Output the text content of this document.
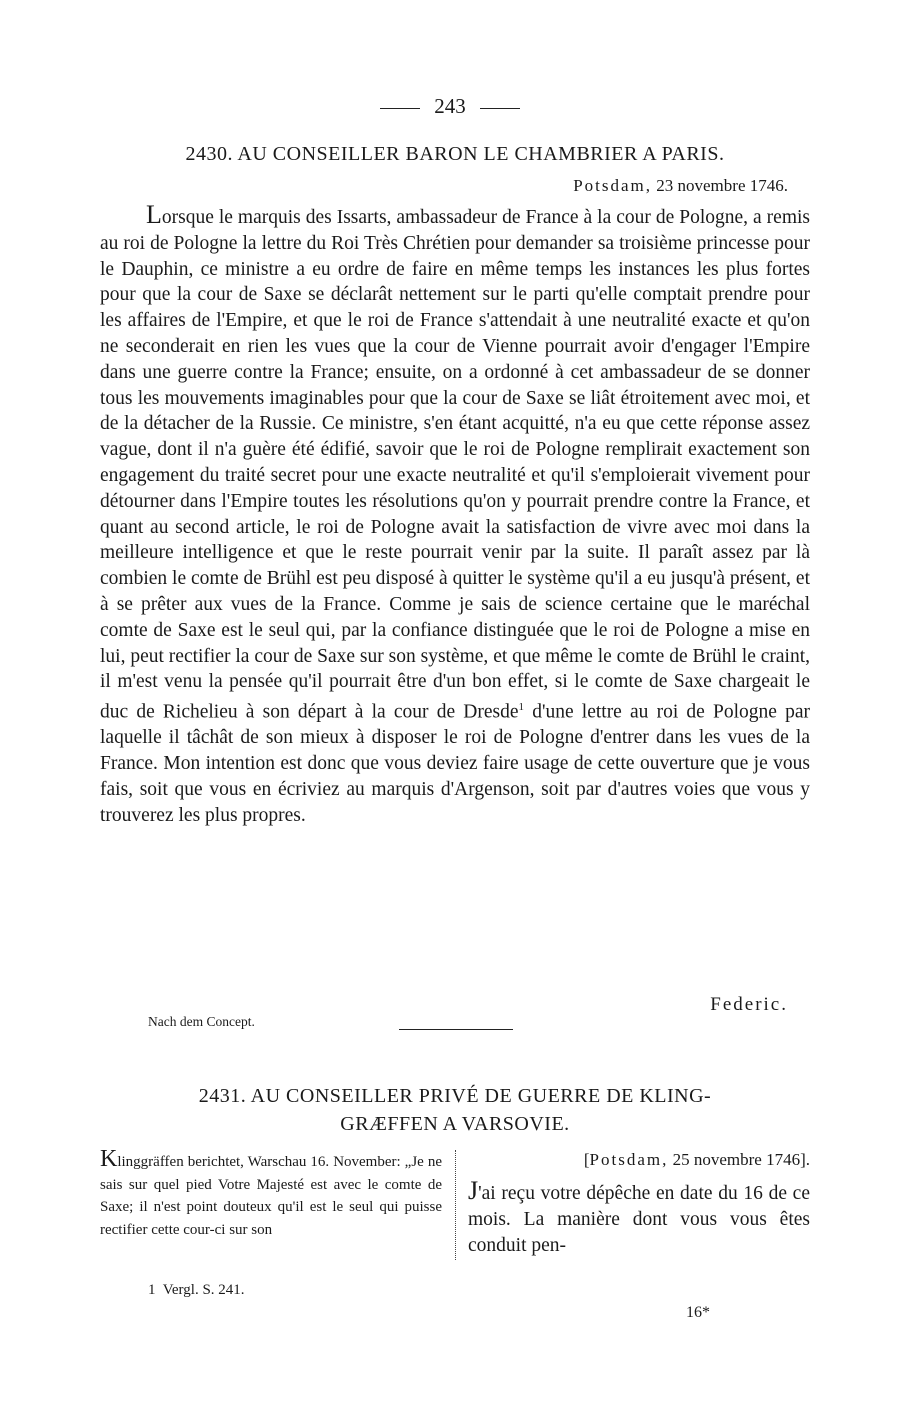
243
2430. AU CONSEILLER BARON LE CHAMBRIER A PARIS.
Potsdam, 23 novembre 1746.

Lorsque le marquis des Issarts, ambassadeur de France à la cour de Pologne, a remis au roi de Pologne la lettre du Roi Très Chrétien pour demander sa troisième princesse pour le Dauphin, ce ministre a eu ordre de faire en même temps les instances les plus fortes pour que la cour de Saxe se déclarât nettement sur le parti qu'elle comptait prendre pour les affaires de l'Empire, et que le roi de France s'attendait à une neutralité exacte et qu'on ne seconderait en rien les vues que la cour de Vienne pourrait avoir d'engager l'Empire dans une guerre contre la France; ensuite, on a ordonné à cet ambassadeur de se donner tous les mouvements imaginables pour que la cour de Saxe se liât étroitement avec moi, et de la détacher de la Russie. Ce ministre, s'en étant acquitté, n'a eu que cette réponse assez vague, dont il n'a guère été édifié, savoir que le roi de Pologne remplirait exactement son engagement du traité secret pour une exacte neutralité et qu'il s'emploierait vivement pour détourner dans l'Empire toutes les résolutions qu'on y pourrait prendre contre la France, et quant au second article, le roi de Pologne avait la satisfaction de vivre avec moi dans la meilleure intelligence et que le reste pourrait venir par la suite. Il paraît assez par là combien le comte de Brühl est peu disposé à quitter le système qu'il a eu jusqu'à présent, et à se prêter aux vues de la France. Comme je sais de science certaine que le maréchal comte de Saxe est le seul qui, par la confiance distinguée que le roi de Pologne a mise en lui, peut rectifier la cour de Saxe sur son système, et que même le comte de Brühl le craint, il m'est venu la pensée qu'il pourrait être d'un bon effet, si le comte de Saxe chargeait le duc de Richelieu à son départ à la cour de Dresde$^1$ d'une lettre au roi de Pologne par laquelle il tâchât de son mieux à disposer le roi de Pologne d'entrer dans les vues de la France. Mon intention est donc que vous deviez faire usage de cette ouverture que je vous fais, soit que vous en écriviez au marquis d'Argenson, soit par d'autres voies que vous y trouverez les plus propres.

Federic.
Nach dem Concept.
2431. AU CONSEILLER PRIVÉ DE GUERRE DE KLING-
GRÆFFEN A VARSOVIE.

Klinggräffen berichtet, Warschau 16. November: „Je ne sais sur quel pied Votre Majesté est avec le comte de Saxe; il n'est point douteux qu'il est le seul qui puisse rectifier cette cour-ci sur son

[Potsdam, 25 novembre 1746].

J'ai reçu votre dépêche en date du 16 de ce mois. La manière dont vous vous êtes conduit pen-

1 Vergl. S. 241.
16*
